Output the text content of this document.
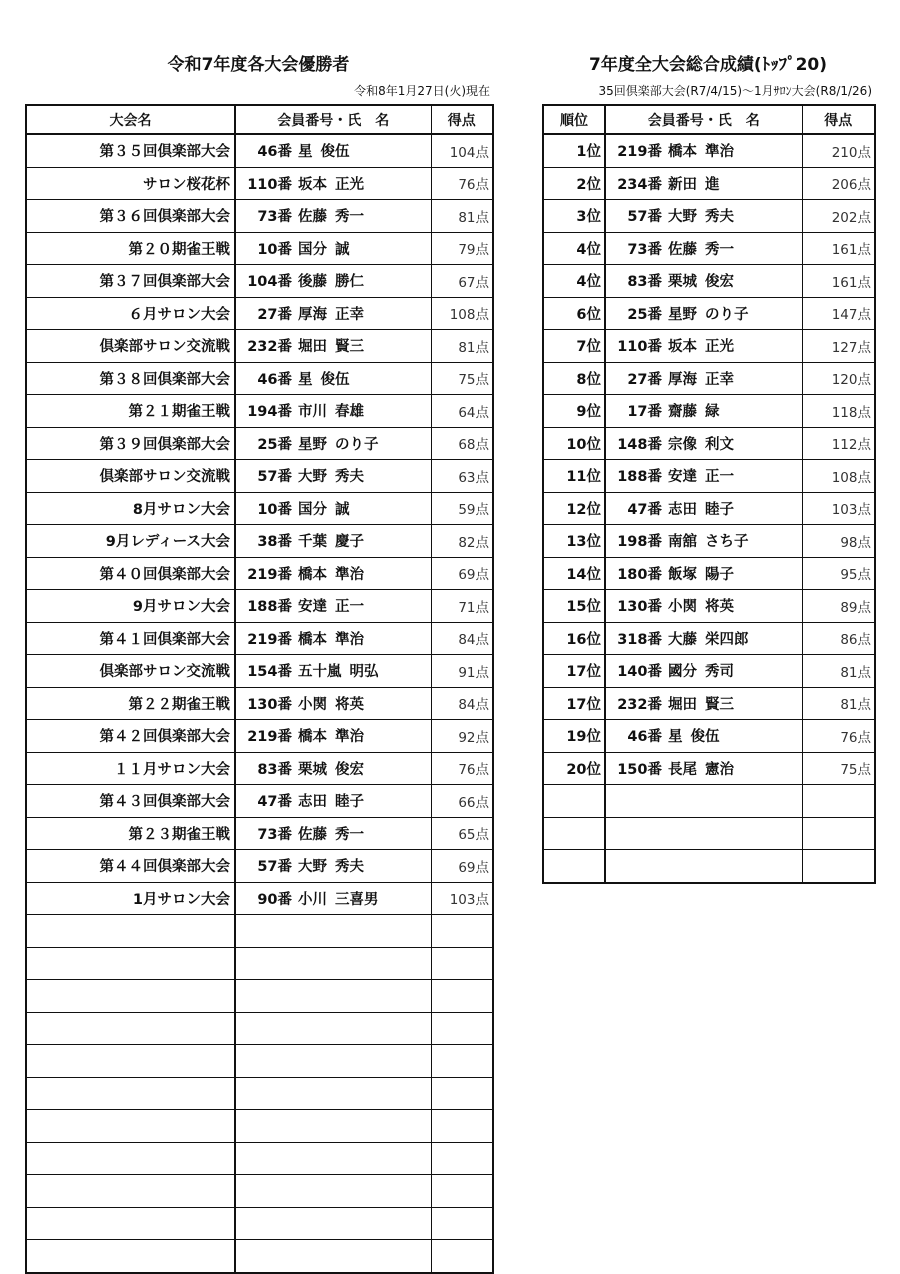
令和7年度各大会優勝者
令和8年1月27日(火)現在
7年度全大会総合成績(ﾄｯﾌﾟ20)
35回倶楽部大会(R7/4/15)～1月ｻﾛﾝ大会(R8/1/26)
大会名	会員番号・氏　名	得点
第３５回倶楽部大会	46番 星 俊伍	104点
サロン桜花杯	110番 坂本 正光	76点
第３６回倶楽部大会	73番 佐藤 秀一	81点
第２０期雀王戦	10番 国分 誠	79点
第３７回倶楽部大会	104番 後藤 勝仁	67点
６月サロン大会	27番 厚海 正幸	108点
倶楽部サロン交流戦	232番 堀田 賢三	81点
第３８回倶楽部大会	46番 星 俊伍	75点
第２１期雀王戦	194番 市川 春雄	64点
第３９回倶楽部大会	25番 星野 のり子	68点
倶楽部サロン交流戦	57番 大野 秀夫	63点
8月サロン大会	10番 国分 誠	59点
9月レディース大会	38番 千葉 慶子	82点
第４０回倶楽部大会	219番 橋本 準治	69点
9月サロン大会	188番 安達 正一	71点
第４１回倶楽部大会	219番 橋本 準治	84点
倶楽部サロン交流戦	154番 五十嵐 明弘	91点
第２２期雀王戦	130番 小関 将英	84点
第４２回倶楽部大会	219番 橋本 準治	92点
１１月サロン大会	83番 栗城 俊宏	76点
第４３回倶楽部大会	47番 志田 睦子	66点
第２３期雀王戦	73番 佐藤 秀一	65点
第４４回倶楽部大会	57番 大野 秀夫	69点
1月サロン大会	90番 小川 三喜男	103点

順位	会員番号・氏　名	得点
1位	219番 橋本 準治	210点
2位	234番 新田 進	206点
3位	57番 大野 秀夫	202点
4位	73番 佐藤 秀一	161点
4位	83番 栗城 俊宏	161点
6位	25番 星野 のり子	147点
7位	110番 坂本 正光	127点
8位	27番 厚海 正幸	120点
9位	17番 齋藤 緑	118点
10位	148番 宗像 利文	112点
11位	188番 安達 正一	108点
12位	47番 志田 睦子	103点
13位	198番 南舘 さち子	98点
14位	180番 飯塚 陽子	95点
15位	130番 小関 将英	89点
16位	318番 大藤 栄四郎	86点
17位	140番 國分 秀司	81点
17位	232番 堀田 賢三	81点
19位	46番 星 俊伍	76点
20位	150番 長尾 憲治	75点
